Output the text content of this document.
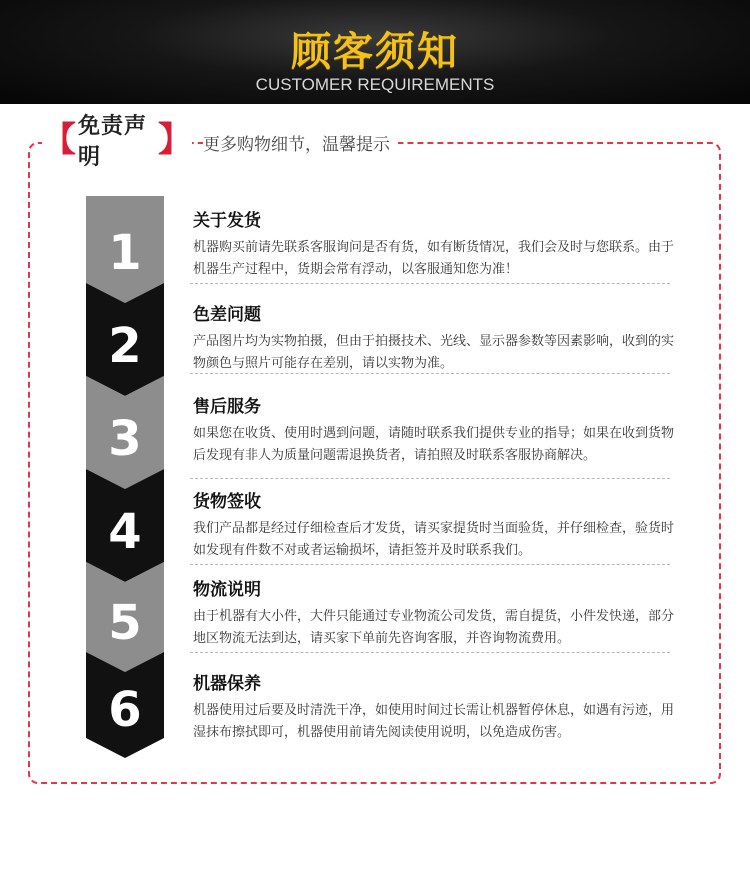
顾客须知
CUSTOMER REQUIREMENTS
【 免责声明	】 更多购物细节，温馨提示
1
2
3
4
5
6
关于发货
机器购买前请先联系客服询问是否有货，如有断货情况，我们会及时与您联系。由于机器生产过程中，货期会常有浮动，以客服通知您为准！
色差问题
产品图片均为实物拍摄，但由于拍摄技术、光线、显示器参数等因素影响，收到的实物颜色与照片可能存在差别，请以实物为准。
售后服务
如果您在收货、使用时遇到问题，请随时联系我们提供专业的指导；如果在收到货物后发现有非人为质量问题需退换货者，请拍照及时联系客服协商解决。
货物签收
我们产品都是经过仔细检查后才发货，请买家提货时当面验货，并仔细检查，验货时如发现有件数不对或者运输损坏，请拒签并及时联系我们。
物流说明
由于机器有大小件，大件只能通过专业物流公司发货，需自提货，小件发快递，部分地区物流无法到达，请买家下单前先咨询客服，并咨询物流费用。
机器保养
机器使用过后要及时清洗干净，如使用时间过长需让机器暂停休息，如遇有污迹，用湿抹布擦拭即可，机器使用前请先阅读使用说明，以免造成伤害。
